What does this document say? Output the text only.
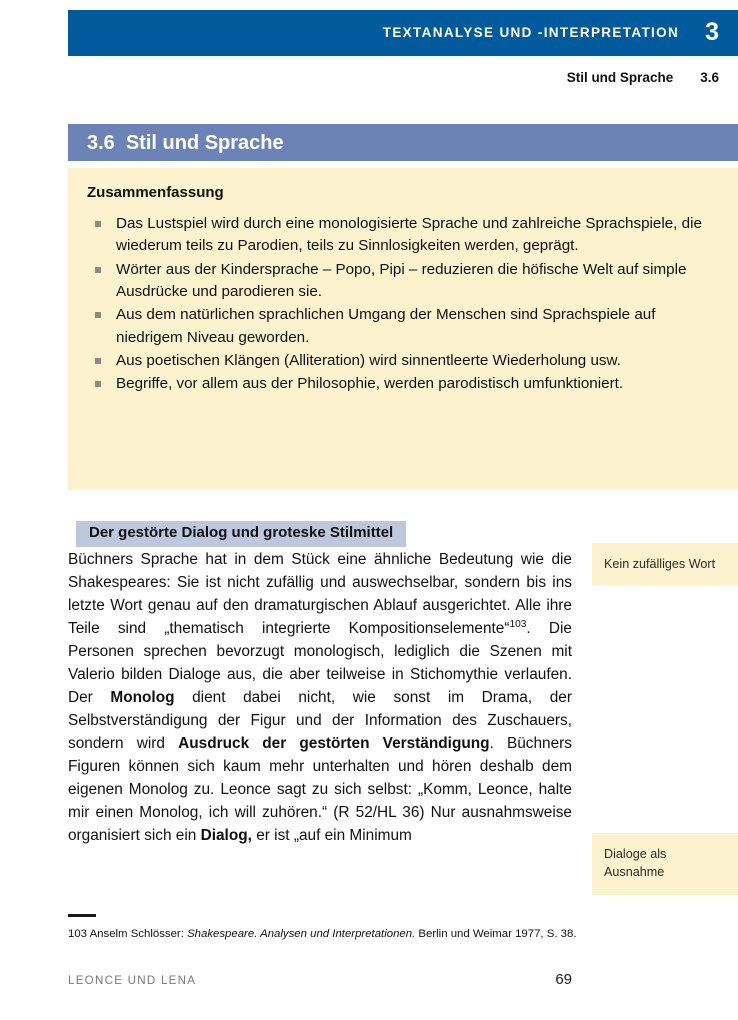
TEXTANALYSE UND -INTERPRETATION 3
Stil und Sprache 3.6
3.6 Stil und Sprache
Zusammenfassung
Das Lustspiel wird durch eine monologisierte Sprache und zahlreiche Sprachspiele, die wiederum teils zu Parodien, teils zu Sinnlosigkeiten werden, geprägt.
Wörter aus der Kindersprache – Popo, Pipi – reduzieren die höfische Welt auf simple Ausdrücke und parodieren sie.
Aus dem natürlichen sprachlichen Umgang der Menschen sind Sprachspiele auf niedrigem Niveau geworden.
Aus poetischen Klängen (Alliteration) wird sinnentleerte Wiederholung usw.
Begriffe, vor allem aus der Philosophie, werden parodistisch umfunktioniert.
Der gestörte Dialog und groteske Stilmittel

Büchners Sprache hat in dem Stück eine ähnliche Bedeutung wie die Shakespeares: Sie ist nicht zufällig und auswechselbar, sondern bis ins letzte Wort genau auf den dramaturgischen Ablauf ausgerichtet. Alle ihre Teile sind „thematisch integrierte Kompositionselemente“$^{103}$. Die Personen sprechen bevorzugt monologisch, lediglich die Szenen mit Valerio bilden Dialoge aus, die aber teilweise in Stichomythie verlaufen. Der Monolog dient dabei nicht, wie sonst im Drama, der Selbstverständigung der Figur und der Information des Zuschauers, sondern wird Ausdruck der gestörten Verständigung. Büchners Figuren können sich kaum mehr unterhalten und hören deshalb dem eigenen Monolog zu. Leonce sagt zu sich selbst: „Komm, Leonce, halte mir einen Monolog, ich will zuhören.“ (R 52/HL 36) Nur ausnahmsweise organisiert sich ein Dialog, er ist „auf ein Minimum

Kein zufälliges Wort
Dialoge als Ausnahme
103 Anselm Schlösser: Shakespeare. Analysen und Interpretationen. Berlin und Weimar 1977, S. 38.
LEONCE UND LENA	69
